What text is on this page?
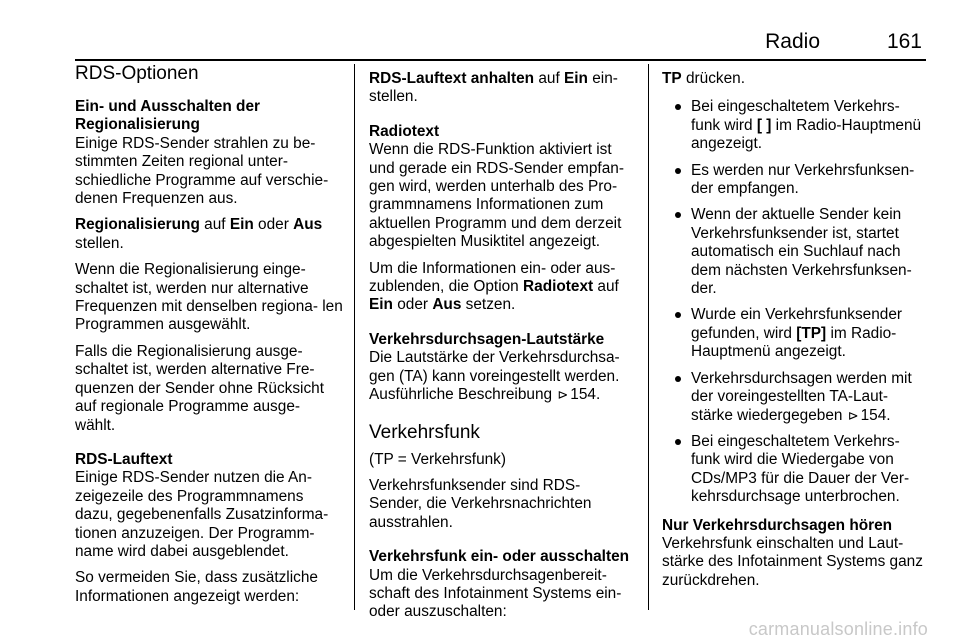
Radio	161
RDS-Optionen
Ein- und Ausschalten der
Regionalisierung

Einige RDS-Sender strahlen zu be- stimmten Zeiten regional unter- schiedliche Programme auf verschie- denen Frequenzen aus.

Regionalisierung auf Ein oder Aus stellen.

Wenn die Regionalisierung einge- schaltet ist, werden nur alternative Frequenzen mit denselben regiona- len Programmen ausgewählt.

Falls die Regionalisierung ausge- schaltet ist, werden alternative Fre- quenzen der Sender ohne Rücksicht auf regionale Programme ausge- wählt.

RDS-Lauftext

Einige RDS-Sender nutzen die An- zeigezeile des Programmnamens dazu, gegebenenfalls Zusatzinforma- tionen anzuzeigen. Der Programm- name wird dabei ausgeblendet.

So vermeiden Sie, dass zusätzliche Informationen angezeigt werden:

RDS-Lauftext anhalten auf Ein ein- stellen.

Radiotext

Wenn die RDS-Funktion aktiviert ist und gerade ein RDS-Sender empfan- gen wird, werden unterhalb des Pro- grammnamens Informationen zum aktuellen Programm und dem derzeit abgespielten Musiktitel angezeigt.

Um die Informationen ein- oder aus- zublenden, die Option Radiotext auf Ein oder Aus setzen.

Verkehrsdurchsagen-Lautstärke

Die Lautstärke der Verkehrsdurchsa- gen (TA) kann voreingestellt werden. Ausführliche Beschreibung ⊳ 154.

Verkehrsfunk

(TP = Verkehrsfunk)

Verkehrsfunksender sind RDS- Sender, die Verkehrsnachrichten ausstrahlen.

Verkehrsfunk ein- oder ausschalten

Um die Verkehrsdurchsagenbereit- schaft des Infotainment Systems ein- oder auszuschalten:

TP drücken.

Bei eingeschaltetem Verkehrs- funk wird [ ] im Radio-Hauptmenü angezeigt.
Es werden nur Verkehrsfunksen- der empfangen.
Wenn der aktuelle Sender kein Verkehrsfunksender ist, startet automatisch ein Suchlauf nach dem nächsten Verkehrsfunksen- der.
Wurde ein Verkehrsfunksender gefunden, wird [TP] im Radio- Hauptmenü angezeigt.
Verkehrsdurchsagen werden mit der voreingestellten TA-Laut- stärke wiedergegeben ⊳ 154.
Bei eingeschaltetem Verkehrs- funk wird die Wiedergabe von CDs/MP3 für die Dauer der Ver- kehrsdurchsage unterbrochen.
Nur Verkehrsdurchsagen hören

Verkehrsfunk einschalten und Laut- stärke des Infotainment Systems ganz zurückdrehen.

carmanualsonline.info
